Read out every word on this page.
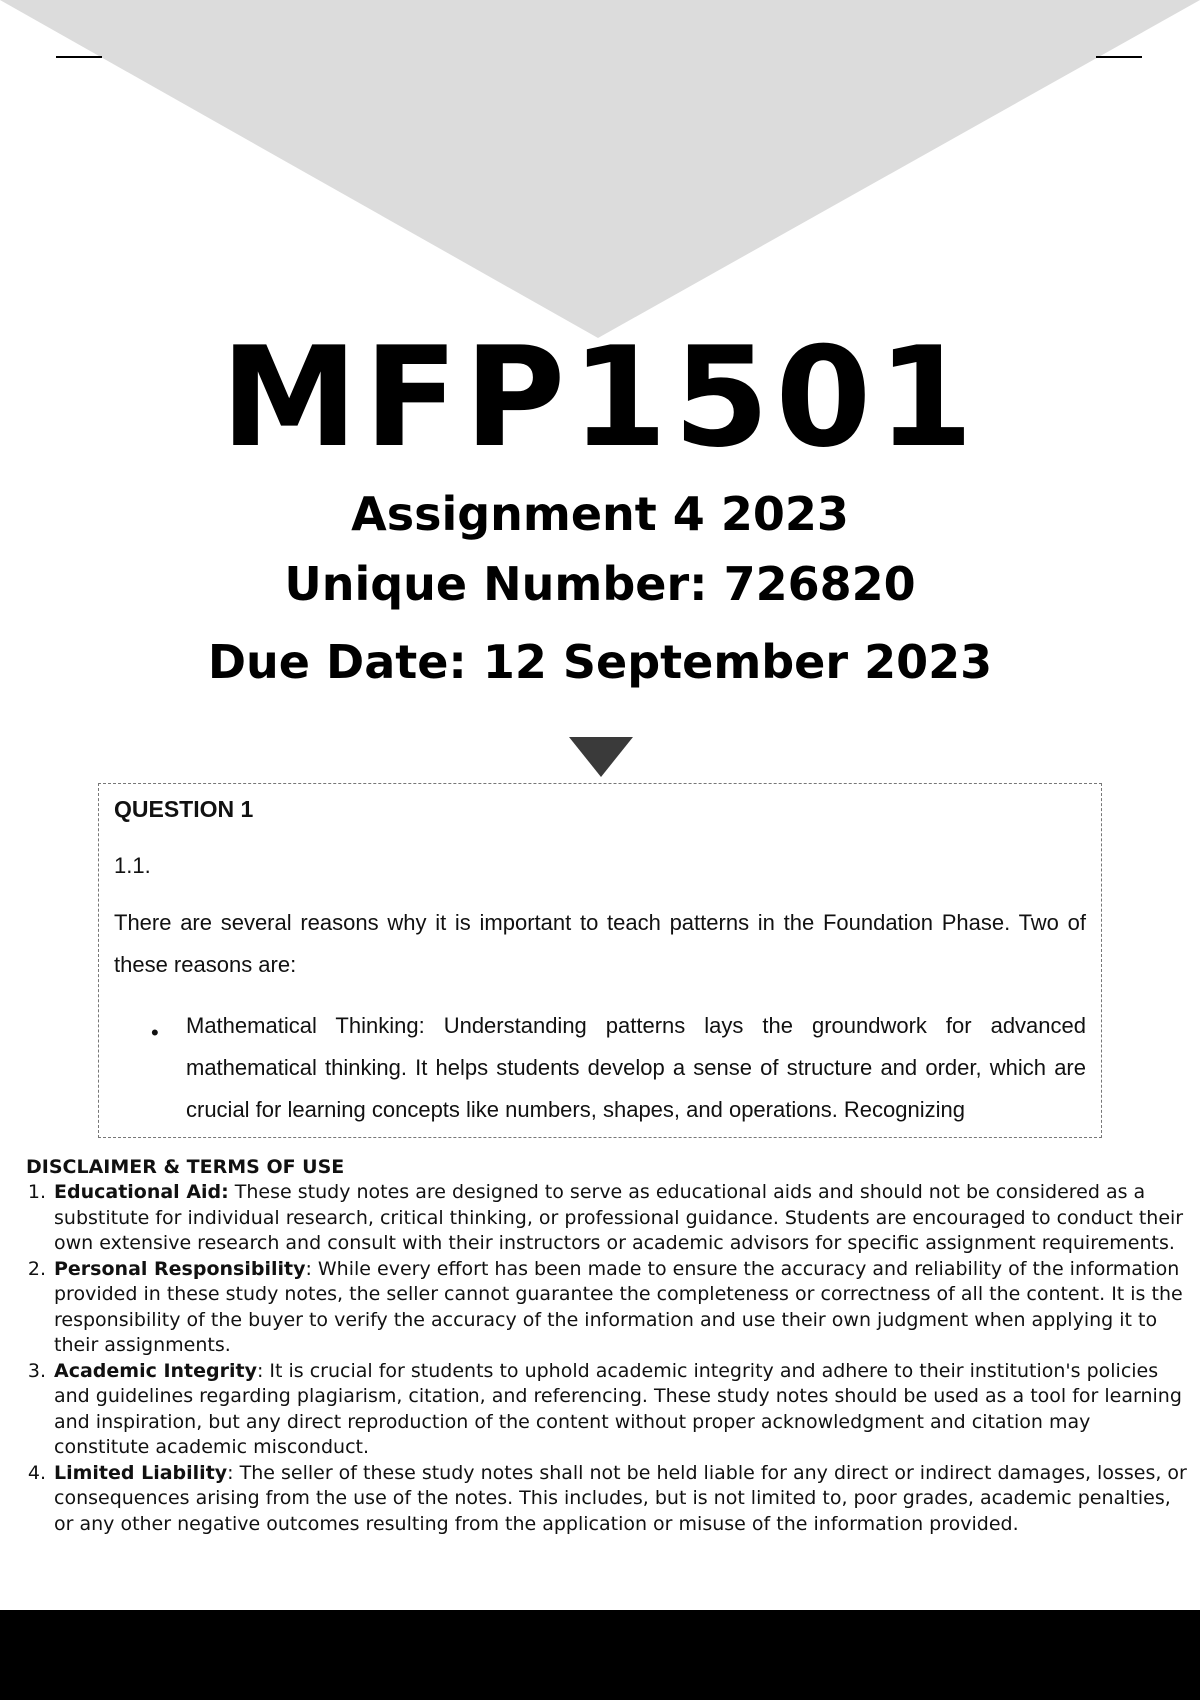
MFP1501
Assignment 4 2023
Unique Number: 726820
Due Date: 12 September 2023
QUESTION 1
1.1.
There are several reasons why it is important to teach patterns in the Foundation Phase. Two of these reasons are:
• Mathematical Thinking: Understanding patterns lays the groundwork for advanced mathematical thinking. It helps students develop a sense of structure and order, which are crucial for learning concepts like numbers, shapes, and operations. Recognizing
DISCLAIMER & TERMS OF USE
1. Educational Aid: These study notes are designed to serve as educational aids and should not be considered as a substitute for individual research, critical thinking, or professional guidance. Students are encouraged to conduct their own extensive research and consult with their instructors or academic advisors for specific assignment requirements.
2. Personal Responsibility: While every effort has been made to ensure the accuracy and reliability of the information provided in these study notes, the seller cannot guarantee the completeness or correctness of all the content. It is the responsibility of the buyer to verify the accuracy of the information and use their own judgment when applying it to their assignments.
3. Academic Integrity: It is crucial for students to uphold academic integrity and adhere to their institution's policies and guidelines regarding plagiarism, citation, and referencing. These study notes should be used as a tool for learning and inspiration, but any direct reproduction of the content without proper acknowledgment and citation may constitute academic misconduct.
4. Limited Liability: The seller of these study notes shall not be held liable for any direct or indirect damages, losses, or consequences arising from the use of the notes. This includes, but is not limited to, poor grades, academic penalties, or any other negative outcomes resulting from the application or misuse of the information provided.
